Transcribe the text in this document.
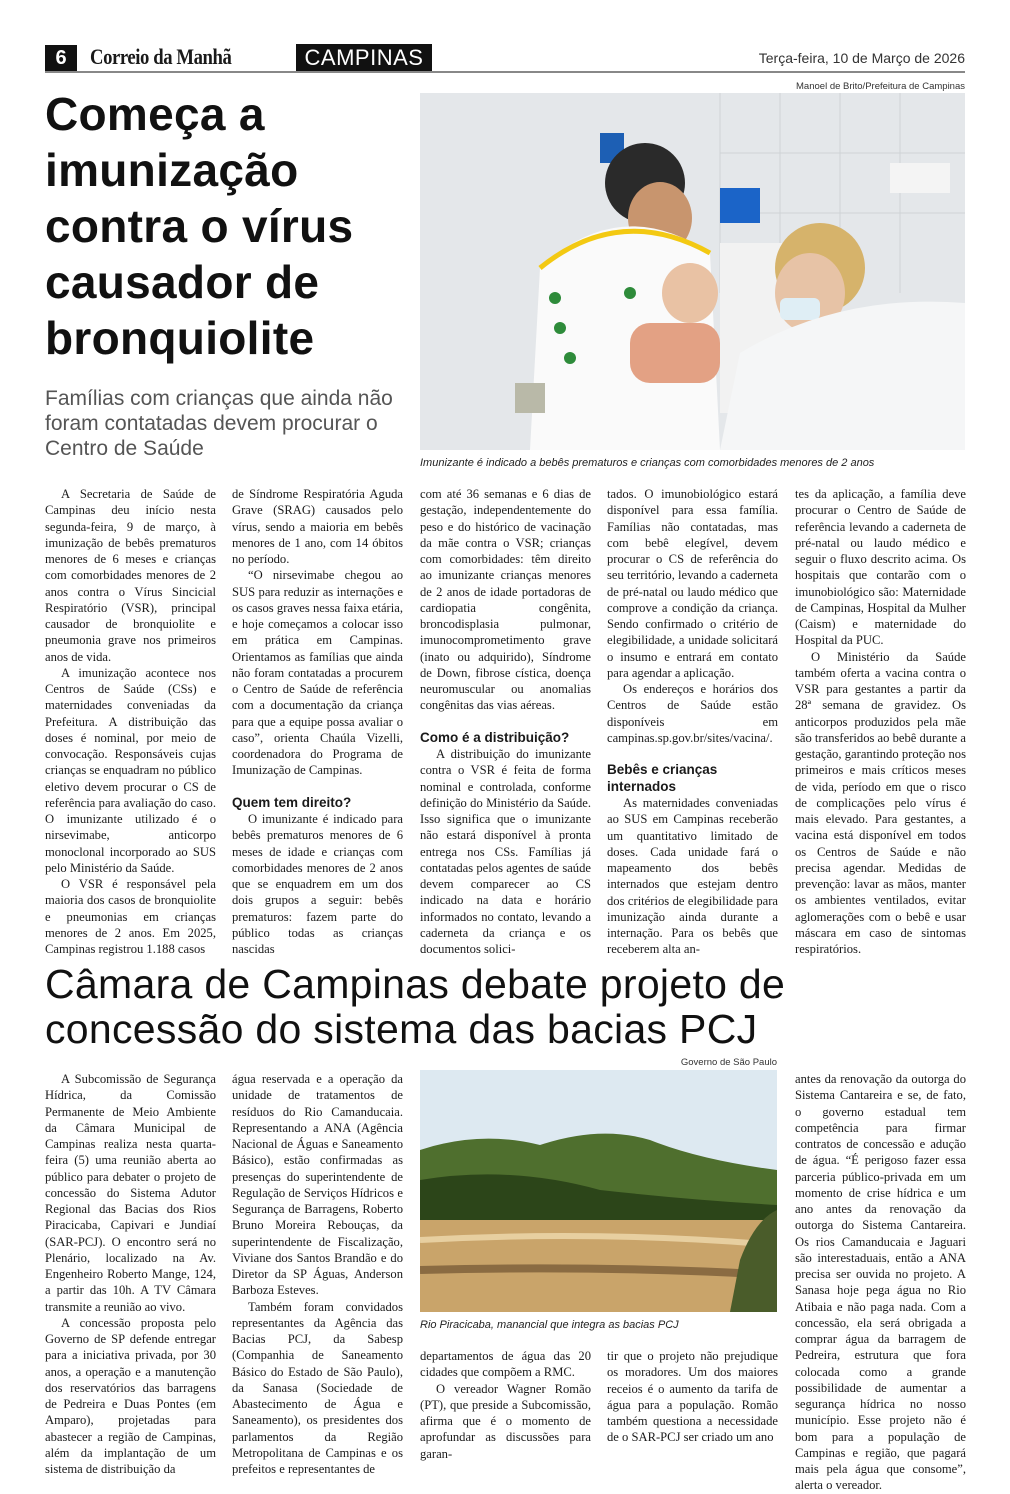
6	Correio da Manhã	CAMPINAS	Terça-feira, 10 de Março de 2026
Começa a imunização contra o vírus causador de bronquiolite
Famílias com crianças que ainda não foram contatadas devem procurar o Centro de Saúde
Manoel de Brito/Prefeitura de Campinas
Imunizante é indicado a bebês prematuros e crianças com comorbidades menores de 2 anos

A Secretaria de Saúde de Campinas deu início nesta segunda-feira, 9 de março, à imunização de bebês prematuros menores de 6 meses e crianças com comorbidades menores de 2 anos contra o Vírus Sincicial Respiratório (VSR), principal causador de bronquiolite e pneumonia grave nos primeiros anos de vida.

A imunização acontece nos Centros de Saúde (CSs) e maternidades conveniadas da Prefeitura. A distribuição das doses é nominal, por meio de convocação. Responsáveis cujas crianças se enquadram no público eletivo devem procurar o CS de referência para avaliação do caso. O imunizante utilizado é o nirsevimabe, anticorpo monoclonal incorporado ao SUS pelo Ministério da Saúde.

O VSR é responsável pela maioria dos casos de bronquiolite e pneumonias em crianças menores de 2 anos. Em 2025, Campinas registrou 1.188 casos

de Síndrome Respiratória Aguda Grave (SRAG) causados pelo vírus, sendo a maioria em bebês menores de 1 ano, com 14 óbitos no período.

“O nirsevimabe chegou ao SUS para reduzir as internações e os casos graves nessa faixa etária, e hoje começamos a colocar isso em prática em Campinas. Orientamos as famílias que ainda não foram contatadas a procurem o Centro de Saúde de referência com a documentação da criança para que a equipe possa avaliar o caso”, orienta Chaúla Vizelli, coordenadora do Programa de Imunização de Campinas.

Quem tem direito?

O imunizante é indicado para bebês prematuros menores de 6 meses de idade e crianças com comorbidades menores de 2 anos que se enquadrem em um dos dois grupos a seguir: bebês prematuros: fazem parte do público todas as crianças nascidas

com até 36 semanas e 6 dias de gestação, independentemente do peso e do histórico de vacinação da mãe contra o VSR; crianças com comorbidades: têm direito ao imunizante crianças menores de 2 anos de idade portadoras de cardiopatia congênita, broncodisplasia pulmonar, imunocomprometimento grave (inato ou adquirido), Síndrome de Down, fibrose cística, doença neuromuscular ou anomalias congênitas das vias aéreas.

Como é a distribuição?

A distribuição do imunizante contra o VSR é feita de forma nominal e controlada, conforme definição do Ministério da Saúde. Isso significa que o imunizante não estará disponível à pronta entrega nos CSs. Famílias já contatadas pelos agentes de saúde devem comparecer ao CS indicado na data e horário informados no contato, levando a caderneta da criança e os documentos solici-

tados. O imunobiológico estará disponível para essa família. Famílias não contatadas, mas com bebê elegível, devem procurar o CS de referência do seu território, levando a caderneta de pré-natal ou laudo médico que comprove a condição da criança. Sendo confirmado o critério de elegibilidade, a unidade solicitará o insumo e entrará em contato para agendar a aplicação.

Os endereços e horários dos Centros de Saúde estão disponíveis em campinas.sp.gov.br/sites/vacina/.

Bebês e crianças internados

As maternidades conveniadas ao SUS em Campinas receberão um quantitativo limitado de doses. Cada unidade fará o mapeamento dos bebês internados que estejam dentro dos critérios de elegibilidade para imunização ainda durante a internação. Para os bebês que receberem alta an-

tes da aplicação, a família deve procurar o Centro de Saúde de referência levando a caderneta de pré-natal ou laudo médico e seguir o fluxo descrito acima. Os hospitais que contarão com o imunobiológico são: Maternidade de Campinas, Hospital da Mulher (Caism) e maternidade do Hospital da PUC.

O Ministério da Saúde também oferta a vacina contra o VSR para gestantes a partir da 28ª semana de gravidez. Os anticorpos produzidos pela mãe são transferidos ao bebê durante a gestação, garantindo proteção nos primeiros e mais críticos meses de vida, período em que o risco de complicações pelo vírus é mais elevado. Para gestantes, a vacina está disponível em todos os Centros de Saúde e não precisa agendar. Medidas de prevenção: lavar as mãos, manter os ambientes ventilados, evitar aglomerações com o bebê e usar máscara em caso de sintomas respiratórios.

Câmara de Campinas debate projeto de concessão do sistema das bacias PCJ
Governo de São Paulo
Rio Piracicaba, manancial que integra as bacias PCJ

A Subcomissão de Segurança Hídrica, da Comissão Permanente de Meio Ambiente da Câmara Municipal de Campinas realiza nesta quarta-feira (5) uma reunião aberta ao público para debater o projeto de concessão do Sistema Adutor Regional das Bacias dos Rios Piracicaba, Capivari e Jundiaí (SAR-PCJ). O encontro será no Plenário, localizado na Av. Engenheiro Roberto Mange, 124, a partir das 10h. A TV Câmara transmite a reunião ao vivo.

A concessão proposta pelo Governo de SP defende entregar para a iniciativa privada, por 30 anos, a operação e a manutenção dos reservatórios das barragens de Pedreira e Duas Pontes (em Amparo), projetadas para abastecer a região de Campinas, além da implantação de um sistema de distribuição da

água reservada e a operação da unidade de tratamentos de resíduos do Rio Camanducaia. Representando a ANA (Agência Nacional de Águas e Saneamento Básico), estão confirmadas as presenças do superintendente de Regulação de Serviços Hídricos e Segurança de Barragens, Roberto Bruno Moreira Rebouças, da superintendente de Fiscalização, Viviane dos Santos Brandão e do Diretor da SP Águas, Anderson Barboza Esteves.

Também foram convidados representantes da Agência das Bacias PCJ, da Sabesp (Companhia de Saneamento Básico do Estado de São Paulo), da Sanasa (Sociedade de Abastecimento de Água e Saneamento), os presidentes dos parlamentos da Região Metropolitana de Campinas e os prefeitos e representantes de

departamentos de água das 20 cidades que compõem a RMC.

O vereador Wagner Romão (PT), que preside a Subcomissão, afirma que é o momento de aprofundar as discussões para garan-

tir que o projeto não prejudique os moradores. Um dos maiores receios é o aumento da tarifa de água para a população. Romão também questiona a necessidade de o SAR-PCJ ser criado um ano

antes da renovação da outorga do Sistema Cantareira e se, de fato, o governo estadual tem competência para firmar contratos de concessão e adução de água. “É perigoso fazer essa parceria público-privada em um momento de crise hídrica e um ano antes da renovação da outorga do Sistema Cantareira. Os rios Camanducaia e Jaguari são interestaduais, então a ANA precisa ser ouvida no projeto. A Sanasa hoje pega água no Rio Atibaia e não paga nada. Com a concessão, ela será obrigada a comprar água da barragem de Pedreira, estrutura que fora colocada como a grande possibilidade de aumentar a segurança hídrica no nosso município. Esse projeto não é bom para a população de Campinas e região, que pagará mais pela água que consome”, alerta o vereador.
